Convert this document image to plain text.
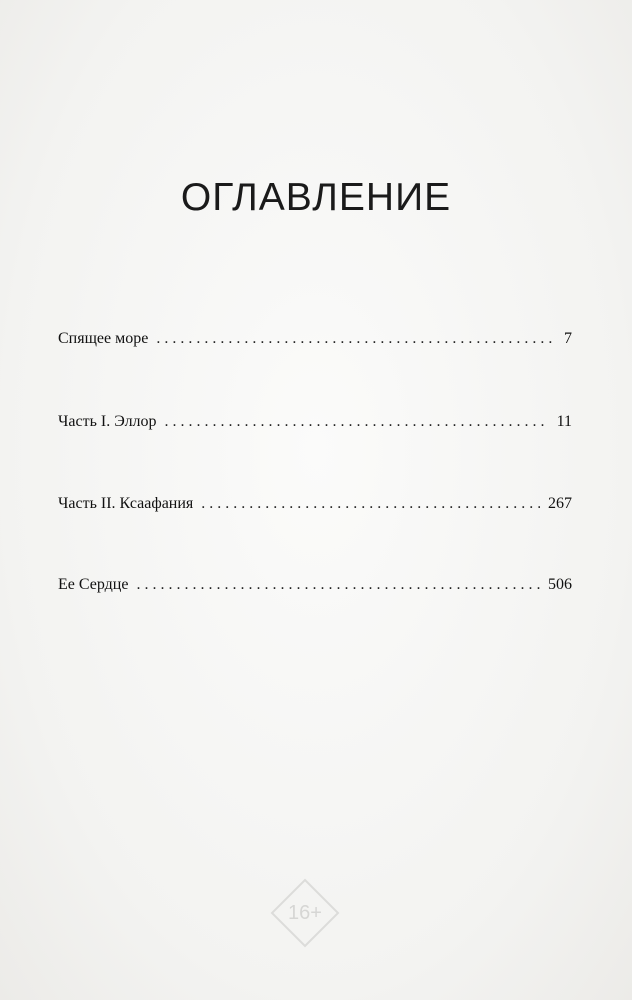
ОГЛАВЛЕНИЕ
Спящее море .....	7
Часть I. Эллор .....	11
Часть II. Ксаафания .....	267
Ее Сердце .....	506
16+
